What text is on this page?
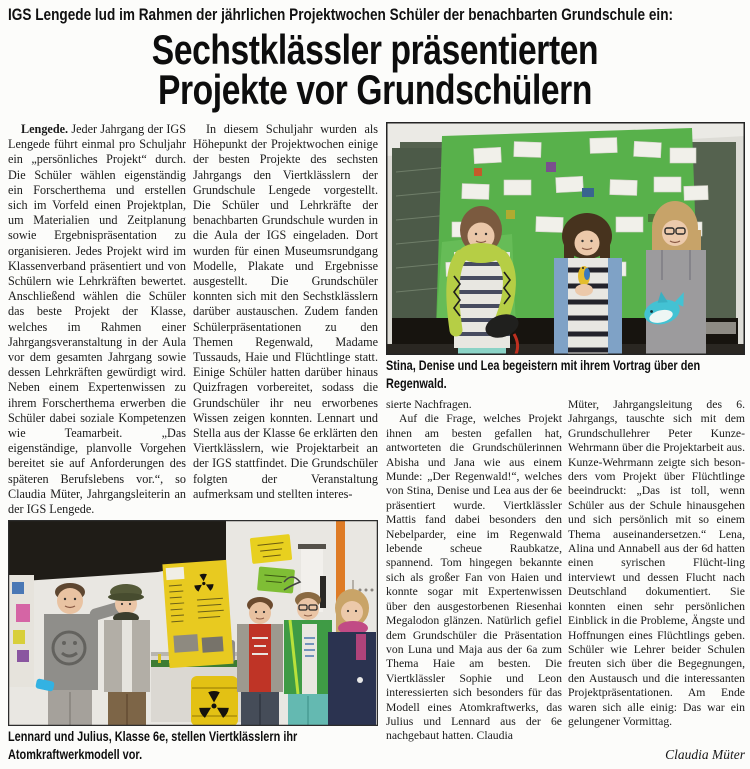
IGS Lengede lud im Rahmen der jährlichen Projektwochen Schüler der benachbarten Grundschule ein:
Sechstklässler präsentierten
Projekte vor Grundschülern

Lengede. Jeder Jahrgang der IGS Lengede führt einmal pro Schuljahr ein „persönliches Projekt“ durch. Die Schüler wählen eigenständig ein Forscherthema und erstellen sich im Vorfeld einen Projektplan, um Materialien und Zeitplanung sowie Ergebnispräsentation zu organisieren. Jedes Projekt wird im Klassenverband präsentiert und von Schülern wie Lehrkräften bewertet. Anschließend wählen die Schüler das beste Projekt der Klasse, welches im Rahmen einer Jahrgangsveranstaltung in der Aula vor dem gesamten Jahrgang sowie dessen Lehrkräften gewürdigt wird. Neben einem Expertenwissen zu ihrem Forscherthema erwerben die Schüler dabei soziale Kompetenzen wie Teamarbeit. „Das eigenständige, planvolle Vorgehen bereitet sie auf Anforderungen des späteren Berufslebens vor.“, so Claudia Müter, Jahrgangsleiterin an der IGS Lengede.

In diesem Schuljahr wurden als Höhepunkt der Projektwochen einige der besten Projekte des sechsten Jahrgangs den Viertklässlern der Grundschule Lengede vorgestellt. Die Schüler und Lehrkräfte der benachbarten Grundschule wurden in die Aula der IGS eingeladen. Dort wurden für einen Museumsrundgang Modelle, Plakate und Ergebnisse ausgestellt. Die Grundschüler konnten sich mit den Sechstklässlern darüber austauschen. Zudem fanden Schülerpräsentationen zu den Themen Regenwald, Madame Tussauds, Haie und Flüchtlinge statt. Einige Schüler hatten darüber hinaus Quizfragen vorbereitet, sodass die Grundschüler ihr neu erworbenes Wissen zeigen konnten. Lennart und Stella aus der Klasse 6e erklärten den Viertklässlern, wie Projektarbeit an der IGS stattfindet. Die Grundschüler folgten der Veranstaltung aufmerksam und stellten interes-

Stina, Denise und Lea begeistern mit ihrem Vortrag über den Regenwald.

sierte Nachfragen.

Auf die Frage, welches Projekt ihnen am besten gefallen hat, antworteten die Grundschülerinnen Abisha und Jana wie aus einem Munde: „Der Regenwald!“, welches von Stina, Denise und Lea aus der 6e präsentiert wurde. Viertklässler Mattis fand dabei besonders den Nebelparder, eine im Regenwald lebende scheue Raubkatze, spannend. Tom hingegen bekannte sich als großer Fan von Haien und konnte sogar mit Expertenwissen über den ausgestorbenen Riesenhai Megalodon glänzen. Natürlich gefiel dem Grundschüler die Präsentation von Luna und Maja aus der 6a zum Thema Haie am besten. Die Viertklässler Sophie und Leon interessierten sich besonders für das Modell eines Atomkraftwerks, das Julius und Lennard aus der 6e nachgebaut hatten. Claudia

Müter, Jahrgangsleitung des 6. Jahrgangs, tauschte sich mit dem Grundschullehrer Peter Kunze-Wehrmann über die Projektarbeit aus. Kunze-Wehrmann zeigte sich beson-ders vom Projekt über Flüchtlinge beeindruckt: „Das ist toll, wenn Schüler aus der Schule hinausgehen und sich persönlich mit so einem Thema auseinandersetzen.“ Lena, Alina und Annabell aus der 6d hatten einen syrischen Flücht-ling interviewt und dessen Flucht nach Deutschland dokumentiert. Sie konnten einen sehr persönlichen Einblick in die Probleme, Ängste und Hoffnungen eines Flüchtlings geben. Schüler wie Lehrer beider Schulen freuten sich über die Begegnungen, den Austausch und die interessanten Projektpräsentationen. Am Ende waren sich alle einig: Das war ein gelungener Vormittag.

Claudia Müter
Lennard und Julius, Klasse 6e, stellen Viertklässlern ihr Atomkraftwerkmodell vor.
